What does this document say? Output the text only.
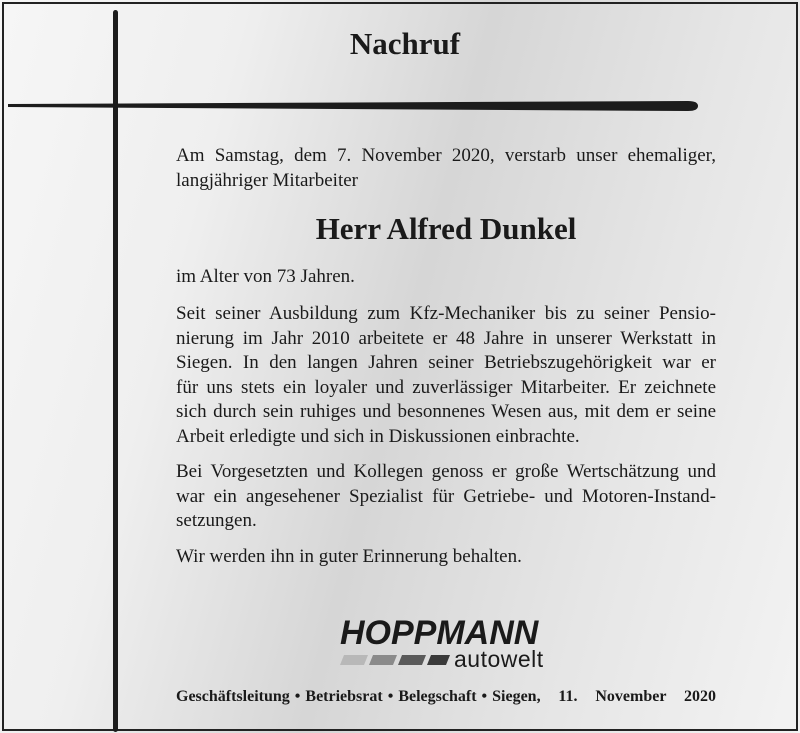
Nachruf
Am Samstag, dem 7. November 2020, verstarb unser ehemaliger, langjähriger Mitarbeiter
Herr Alfred Dunkel
im Alter von 73 Jahren.
Seit seiner Ausbildung zum Kfz-Mechaniker bis zu seiner Pensio-
nierung im Jahr 2010 arbeitete er 48 Jahre in unserer Werkstatt in
Siegen. In den langen Jahren seiner Betriebszugehörigkeit war er
für uns stets ein loyaler und zuverlässiger Mitarbeiter. Er zeichnete
sich durch sein ruhiges und besonnenes Wesen aus, mit dem er seine
Arbeit erledigte und sich in Diskussionen einbrachte.
Bei Vorgesetzten und Kollegen genoss er große Wertschätzung und
war ein angesehener Spezialist für Getriebe- und Motoren-Instand-
setzungen.
Wir werden ihn in guter Erinnerung behalten.
HOPPMANN
autowelt
Geschäftsleitung • Betriebsrat • Belegschaft • Siegen, 11. November 2020
